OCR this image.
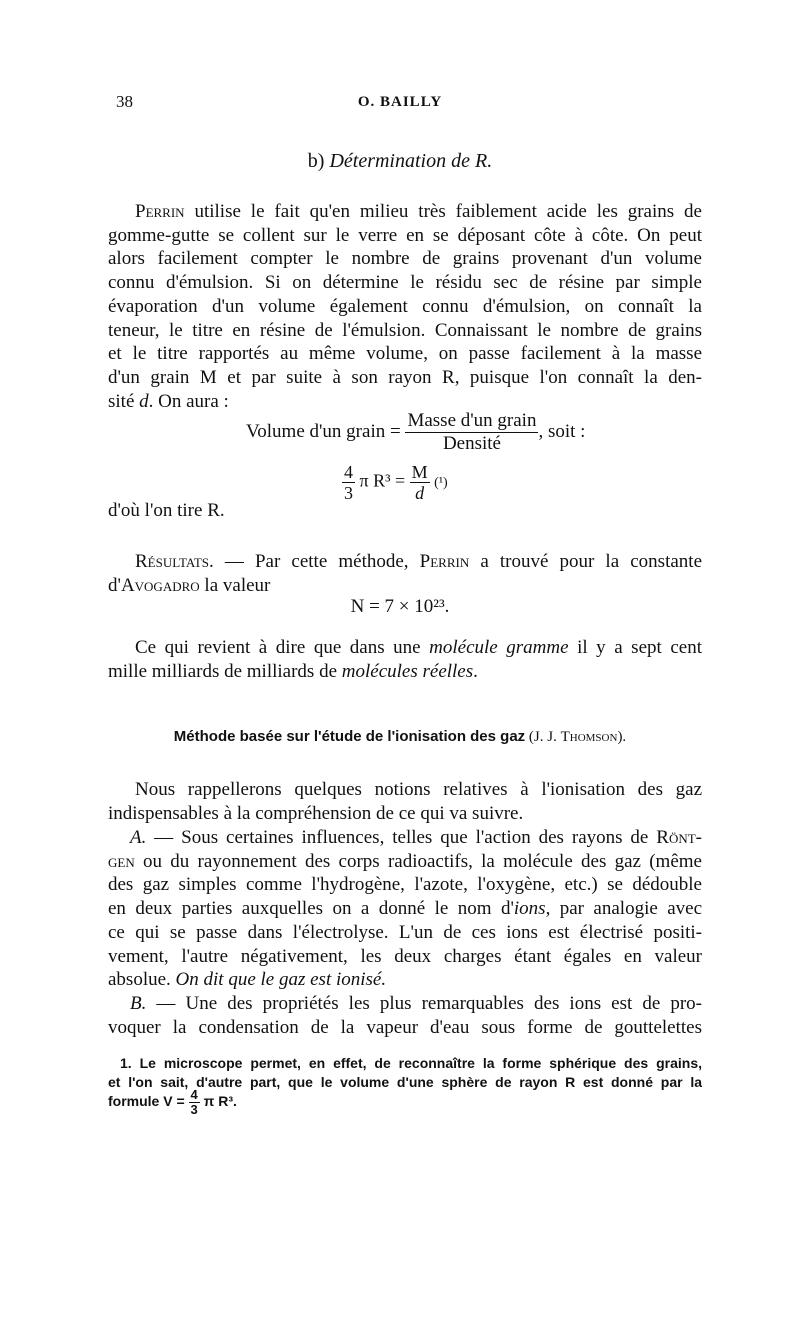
38	O. BAILLY
b) Détermination de R.
Perrin utilise le fait qu'en milieu très faiblement acide les grains de
gomme-gutte se collent sur le verre en se déposant côte à côte. On peut
alors facilement compter le nombre de grains provenant d'un volume
connu d'émulsion. Si on détermine le résidu sec de résine par simple
évaporation d'un volume également connu d'émulsion, on connaît la
teneur, le titre en résine de l'émulsion. Connaissant le nombre de grains
et le titre rapportés au même volume, on passe facilement à la masse
d'un grain M et par suite à son rayon R, puisque l'on connaît la den-
sité d. On aura :
Volume d'un grain = $\frac{\text{Masse d'un grain}}{\text{Densité}}$ , soit :
$\frac{4}{3}$ π $R^3 = \frac{M}{d} (^1)$
d'où l'on tire R.
Résultats. — Par cette méthode, Perrin a trouvé pour la constante
d'Avogadro la valeur
N = 7 × 10²³.
Ce qui revient à dire que dans une molécule gramme il y a sept cent
mille milliards de milliards de molécules réelles.
Méthode basée sur l'étude de l'ionisation des gaz (J. J. Thomson).
Nous rappellerons quelques notions relatives à l'ionisation des gaz
indispensables à la compréhension de ce qui va suivre.
A. — Sous certaines influences, telles que l'action des rayons de Rönt-
gen ou du rayonnement des corps radioactifs, la molécule des gaz (même
des gaz simples comme l'hydrogène, l'azote, l'oxygène, etc.) se dédouble
en deux parties auxquelles on a donné le nom d'ions, par analogie avec
ce qui se passe dans l'électrolyse. L'un de ces ions est électrisé positi-
vement, l'autre négativement, les deux charges étant égales en valeur
absolue. On dit que le gaz est ionisé.
B. — Une des propriétés les plus remarquables des ions est de pro-
voquer la condensation de la vapeur d'eau sous forme de gouttelettes
1. Le microscope permet, en effet, de reconnaître la forme sphérique des grains,
et l'on sait, d'autre part, que le volume d'une sphère de rayon R est donné par la
formule $V = \frac{4}{3}$ π R³.
